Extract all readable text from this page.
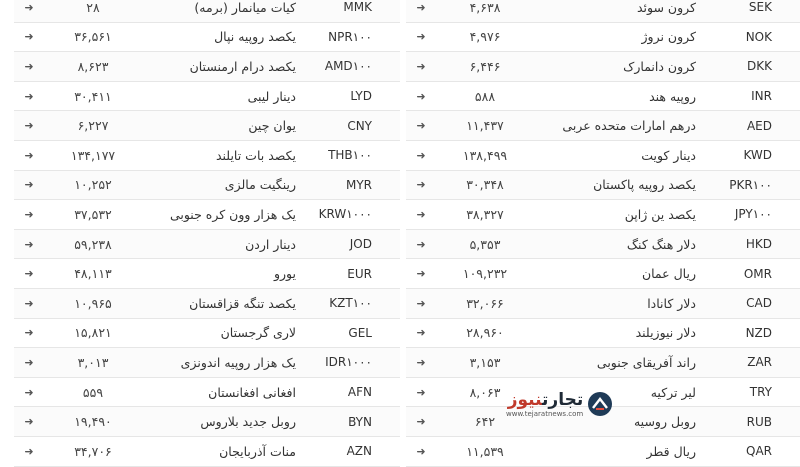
➜	۴,۶۳۸	کرون سوئد	SEK
➜	۴,۹۷۶	کرون نروژ	NOK
➜	۶,۴۴۶	کرون دانمارک	DKK
➜	۵۸۸	روپیه هند	INR
➜	۱۱,۴۳۷	درهم امارات متحده عربی	AED
➜	۱۳۸,۴۹۹	دینار کویت	KWD
➜	۳۰,۳۴۸	یکصد روپیه پاکستان	PKR۱۰۰
➜	۳۸,۳۲۷	یکصد ین ژاپن	JPY۱۰۰
➜	۵,۳۵۳	دلار هنگ کنگ	HKD
➜	۱۰۹,۲۳۲	ریال عمان	OMR
➜	۳۲,۰۶۶	دلار کانادا	CAD
➜	۲۸,۹۶۰	دلار نیوزیلند	NZD
➜	۳,۱۵۳	راند آفریقای جنوبی	ZAR
➜	۸,۰۶۳	لیر ترکیه	TRY
➜	۶۴۲	روبل روسیه	RUB
➜	۱۱,۵۳۹	ریال قطر	QAR
➜	۲۸	کیات میانمار (برمه)	MMK
➜	۳۶,۵۶۱	یکصد روپیه نپال	NPR۱۰۰
➜	۸,۶۲۳	یکصد درام ارمنستان	AMD۱۰۰
➜	۳۰,۴۱۱	دینار لیبی	LYD
➜	۶,۲۲۷	یوان چین	CNY
➜	۱۳۴,۱۷۷	یکصد بات تایلند	THB۱۰۰
➜	۱۰,۲۵۲	رینگیت مالزی	MYR
➜	۳۷,۵۳۲	یک هزار وون کره جنوبی	KRW۱۰۰۰
➜	۵۹,۲۳۸	دینار اردن	JOD
➜	۴۸,۱۱۳	یورو	EUR
➜	۱۰,۹۶۵	یکصد تنگه قزاقستان	KZT۱۰۰
➜	۱۵,۸۲۱	لاری گرجستان	GEL
➜	۳,۰۱۳	یک هزار روپیه اندونزی	IDR۱۰۰۰
➜	۵۵۹	افغانی افغانستان	AFN
➜	۱۹,۴۹۰	روبل جدید بلاروس	BYN
➜	۳۴,۷۰۶	منات آذربایجان	AZN
تجارتنیوز
www.tejaratnews.com
